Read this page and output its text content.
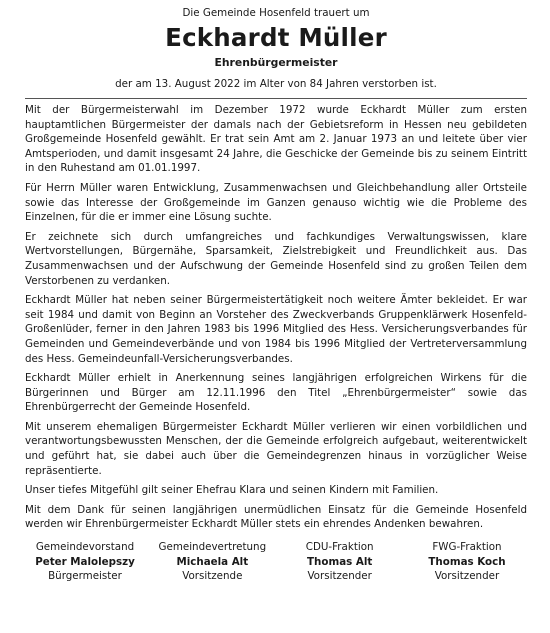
Die Gemeinde Hosenfeld trauert um

Eckhardt Müller

Ehrenbürgermeister

der am 13. August 2022 im Alter von 84 Jahren verstorben ist.

Mit der Bürgermeisterwahl im Dezember 1972 wurde Eckhardt Müller zum ersten hauptamtlichen Bürgermeister der damals nach der Gebietsreform in Hessen neu gebildeten Großgemeinde Hosenfeld gewählt. Er trat sein Amt am 2. Januar 1973 an und leitete über vier Amtsperioden, und damit insgesamt 24 Jahre, die Geschicke der Gemeinde bis zu seinem Eintritt in den Ruhestand am 01.01.1997.

Für Herrn Müller waren Entwicklung, Zusammenwachsen und Gleichbehandlung aller Ortsteile sowie das Interesse der Großgemeinde im Ganzen genauso wichtig wie die Probleme des Einzelnen, für die er immer eine Lösung suchte.

Er zeichnete sich durch umfangreiches und fachkundiges Verwaltungswissen, klare Wertvorstellungen, Bürgernähe, Sparsamkeit, Zielstrebigkeit und Freundlichkeit aus. Das Zusammenwachsen und der Aufschwung der Gemeinde Hosenfeld sind zu großen Teilen dem Verstorbenen zu verdanken.

Eckhardt Müller hat neben seiner Bürgermeistertätigkeit noch weitere Ämter bekleidet. Er war seit 1984 und damit von Beginn an Vorsteher des Zweckverbands Gruppenklärwerk Hosenfeld-Großenlüder, ferner in den Jahren 1983 bis 1996 Mitglied des Hess. Versicherungsverbandes für Gemeinden und Gemeindeverbände und von 1984 bis 1996 Mitglied der Vertreterversammlung des Hess. Gemeindeunfall-Versicherungsverbandes.

Eckhardt Müller erhielt in Anerkennung seines langjährigen erfolgreichen Wirkens für die Bürgerinnen und Bürger am 12.11.1996 den Titel „Ehrenbürgermeister“ sowie das Ehrenbürgerrecht der Gemeinde Hosenfeld.

Mit unserem ehemaligen Bürgermeister Eckhardt Müller verlieren wir einen vorbildlichen und verantwortungsbewussten Menschen, der die Gemeinde erfolgreich aufgebaut, weiterentwickelt und geführt hat, sie dabei auch über die Gemeindegrenzen hinaus in vorzüglicher Weise repräsentierte.

Unser tiefes Mitgefühl gilt seiner Ehefrau Klara und seinen Kindern mit Familien.

Mit dem Dank für seinen langjährigen unermüdlichen Einsatz für die Gemeinde Hosenfeld werden wir Ehrenbürgermeister Eckhardt Müller stets ein ehrendes Andenken bewahren.

Gemeindevorstand
Peter Malolepszy
Bürgermeister
Gemeindevertretung
Michaela Alt
Vorsitzende
CDU-Fraktion
Thomas Alt
Vorsitzender
FWG-Fraktion
Thomas Koch
Vorsitzender
